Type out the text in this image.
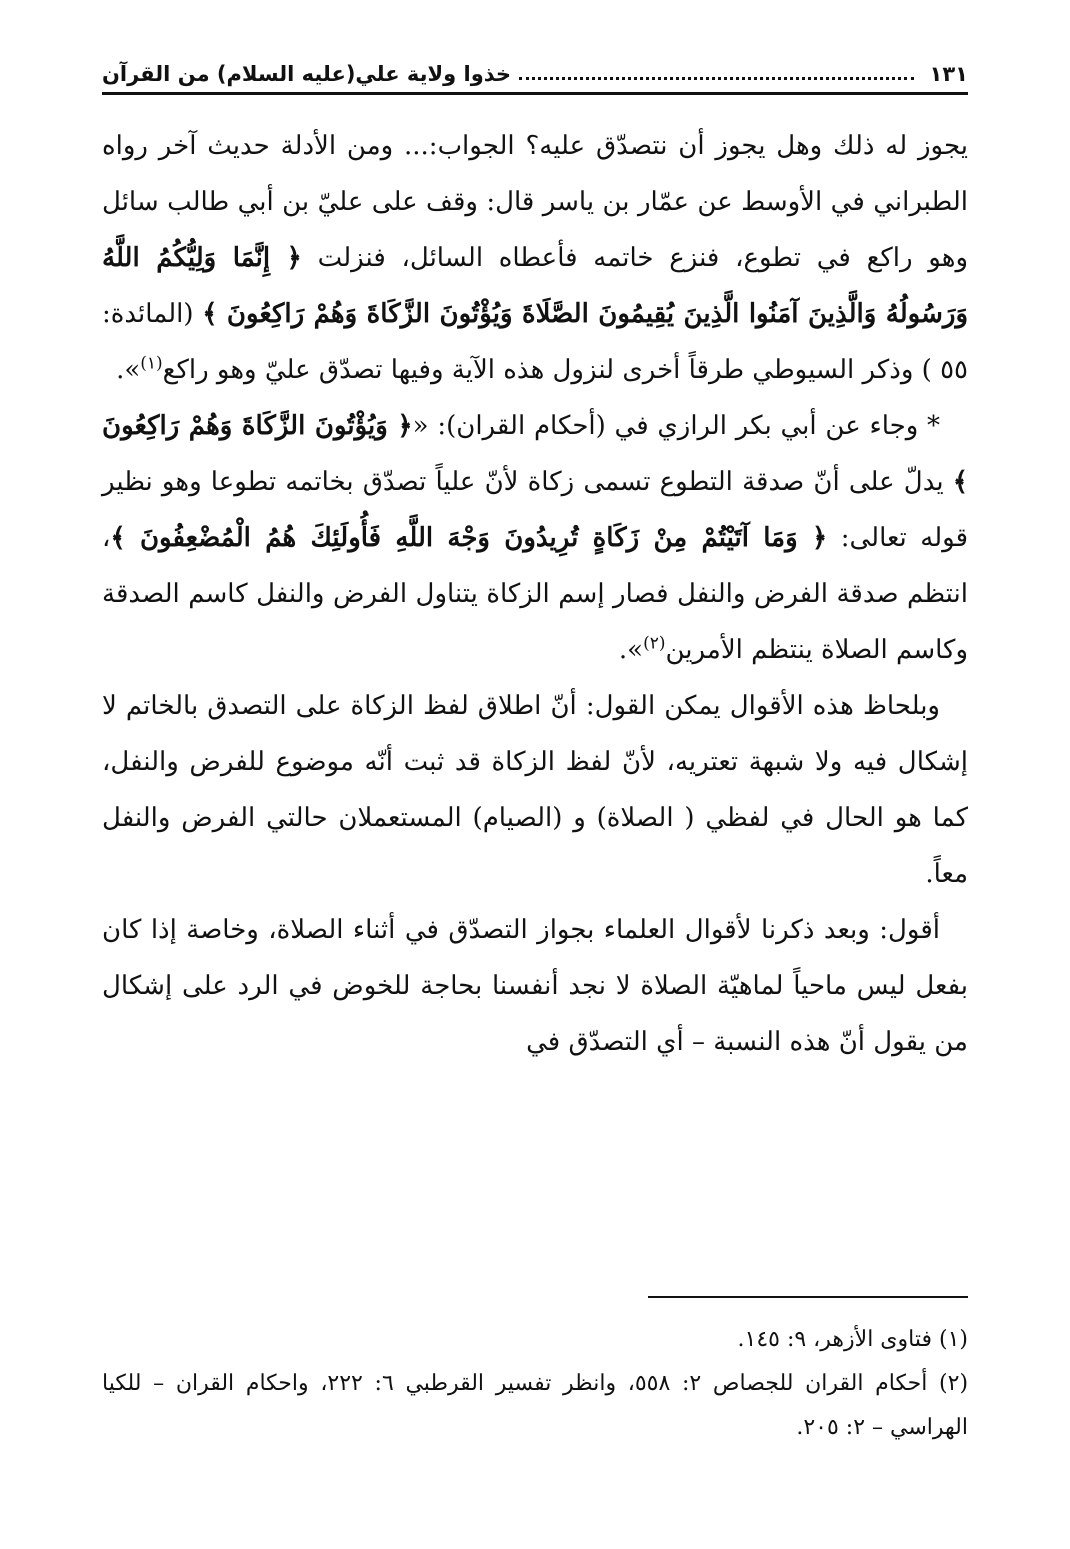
١٣١
خذوا ولاية علي(عليه السلام) من القرآن

يجوز له ذلك وهل يجوز أن نتصدّق عليه؟ الجواب:... ومن الأدلة حديث آخر رواه الطبراني في الأوسط عن عمّار بن ياسر قال: وقف على عليّ بن أبي طالب سائل وهو راكع في تطوع، فنزع خاتمه فأعطاه السائل، فنزلت ﴿ إِنَّمَا وَلِيُّكُمُ اللَّهُ وَرَسُولُهُ وَالَّذِينَ آمَنُوا الَّذِينَ يُقِيمُونَ الصَّلَاةَ وَيُؤْتُونَ الزَّكَاةَ وَهُمْ رَاكِعُونَ ﴾ (المائدة: ٥٥ ) وذكر السيوطي طرقاً أخرى لنزول هذه الآية وفيها تصدّق عليّ وهو راكع$^{(١)}$».

* وجاء عن أبي بكر الرازي في (أحكام القران): «﴿ وَيُؤْتُونَ الزَّكَاةَ وَهُمْ رَاكِعُونَ ﴾ يدلّ على أنّ صدقة التطوع تسمى زكاة لأنّ علياً تصدّق بخاتمه تطوعا وهو نظير قوله تعالى: ﴿ وَمَا آتَيْتُمْ مِنْ زَكَاةٍ تُرِيدُونَ وَجْهَ اللَّهِ فَأُولَئِكَ هُمُ الْمُضْعِفُونَ ﴾، انتظم صدقة الفرض والنفل فصار إسم الزكاة يتناول الفرض والنفل كاسم الصدقة وكاسم الصلاة ينتظم الأمرين$^{(٢)}$».

وبلحاظ هذه الأقوال يمكن القول: أنّ اطلاق لفظ الزكاة على التصدق بالخاتم لا إشكال فيه ولا شبهة تعتريه، لأنّ لفظ الزكاة قد ثبت أنّه موضوع للفرض والنفل، كما هو الحال في لفظي ( الصلاة) و (الصيام) المستعملان حالتي الفرض والنفل معاً.

أقول: وبعد ذكرنا لأقوال العلماء بجواز التصدّق في أثناء الصلاة، وخاصة إذا كان بفعل ليس ماحياً لماهيّة الصلاة لا نجد أنفسنا بحاجة للخوض في الرد على إشكال من يقول أنّ هذه النسبة – أي التصدّق في

(١) فتاوى الأزهر، ٩: ١٤٥.

(٢) أحكام القران للجصاص ٢: ٥٥٨، وانظر تفسير القرطبي ٦: ٢٢٢، واحكام القران – للكيا الهراسي – ٢: ٢٠٥.
